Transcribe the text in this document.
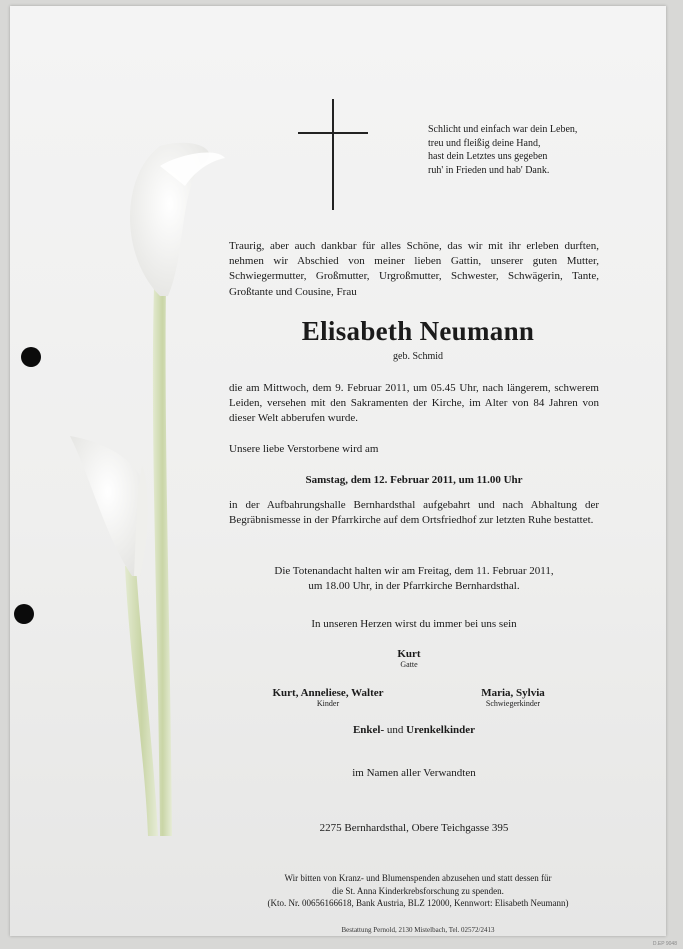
Schlicht und einfach war dein Leben,
treu und fleißig deine Hand,
hast dein Letztes uns gegeben
ruh' in Frieden und hab' Dank.

Traurig, aber auch dankbar für alles Schöne, das wir mit ihr erleben durften, nehmen wir Abschied von meiner lieben Gattin, unserer guten Mutter, Schwiegermutter, Großmutter, Urgroßmutter, Schwester, Schwägerin, Tante, Großtante und Cousine, Frau

Elisabeth Neumann
geb. Schmid

die am Mittwoch, dem 9. Februar 2011, um 05.45 Uhr, nach längerem, schwerem Leiden, versehen mit den Sakramenten der Kirche, im Alter von 84 Jahren von dieser Welt abberufen wurde.

Unsere liebe Verstorbene wird am

Samstag, dem 12. Februar 2011, um 11.00 Uhr

in der Aufbahrungshalle Bernhardsthal aufgebahrt und nach Abhaltung der Begräbnismesse in der Pfarrkirche auf dem Ortsfriedhof zur letzten Ruhe bestattet.

Die Totenandacht halten wir am Freitag, dem 11. Februar 2011,
um 18.00 Uhr, in der Pfarrkirche Bernhardsthal.

In unseren Herzen wirst du immer bei uns sein

Kurt
Gatte
Kurt, Anneliese, Walter
Kinder
Maria, Sylvia
Schwiegerkinder
Enkel- und Urenkelkinder

im Namen aller Verwandten

2275 Bernhardsthal, Obere Teichgasse 395

Wir bitten von Kranz- und Blumenspenden abzusehen und statt dessen für
die St. Anna Kinderkrebsforschung zu spenden.
(Kto. Nr. 00656166618, Bank Austria, BLZ 12000, Kennwort: Elisabeth Neumann)
Bestattung Pernold, 2130 Mistelbach, Tel. 02572/2413
D.EP 9048
